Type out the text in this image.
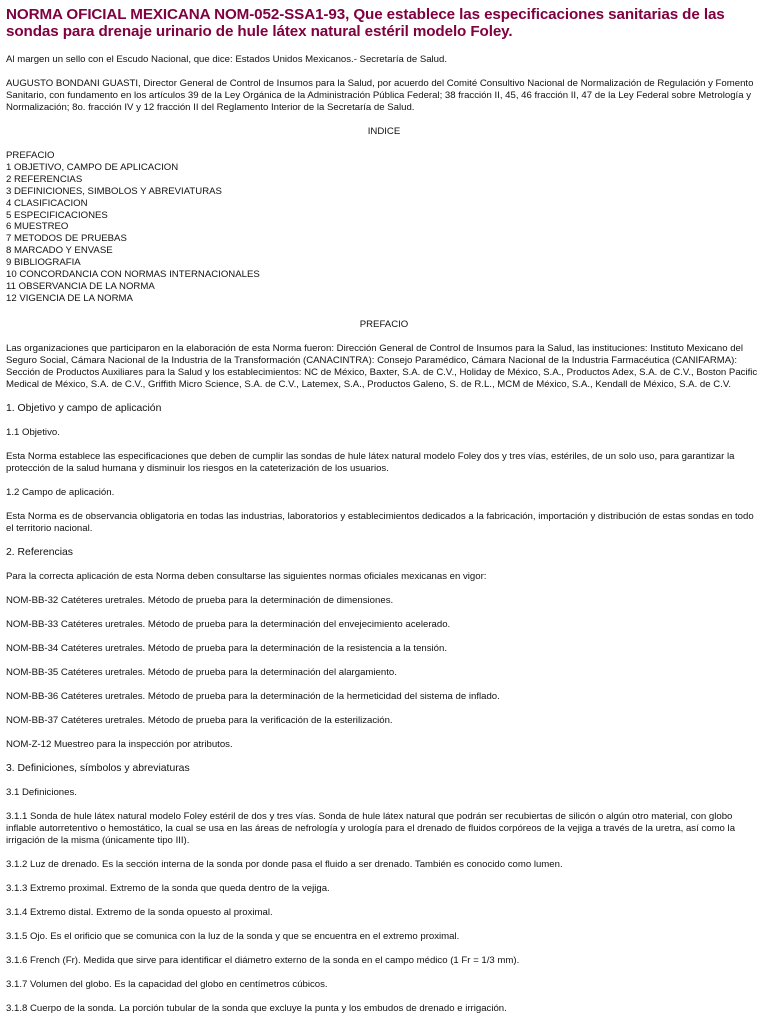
NORMA OFICIAL MEXICANA NOM-052-SSA1-93, Que establece las especificaciones sanitarias de las sondas para drenaje urinario de hule látex natural estéril modelo Foley.
Al margen un sello con el Escudo Nacional, que dice: Estados Unidos Mexicanos.- Secretaría de Salud.
AUGUSTO BONDANI GUASTI, Director General de Control de Insumos para la Salud, por acuerdo del Comité Consultivo Nacional de Normalización de Regulación y Fomento Sanitario, con fundamento en los artículos 39 de la Ley Orgánica de la Administración Pública Federal; 38 fracción II, 45, 46 fracción II, 47 de la Ley Federal sobre Metrología y Normalización; 8o. fracción IV y 12 fracción II del Reglamento Interior de la Secretaría de Salud.
INDICE
PREFACIO
1 OBJETIVO, CAMPO DE APLICACION
2 REFERENCIAS
3 DEFINICIONES, SIMBOLOS Y ABREVIATURAS
4 CLASIFICACION
5 ESPECIFICACIONES
6 MUESTREO
7 METODOS DE PRUEBAS
8 MARCADO Y ENVASE
9 BIBLIOGRAFIA
10 CONCORDANCIA CON NORMAS INTERNACIONALES
11 OBSERVANCIA DE LA NORMA
12 VIGENCIA DE LA NORMA
PREFACIO
Las organizaciones que participaron en la elaboración de esta Norma fueron: Dirección General de Control de Insumos para la Salud, las instituciones: Instituto Mexicano del Seguro Social, Cámara Nacional de la Industria de la Transformación (CANACINTRA): Consejo Paramédico, Cámara Nacional de la Industria Farmacéutica (CANIFARMA): Sección de Productos Auxiliares para la Salud y los establecimientos: NC de México, Baxter, S.A. de C.V., Holiday de México, S.A., Productos Adex, S.A. de C.V., Boston Pacific Medical de México, S.A. de C.V., Griffith Micro Science, S.A. de C.V., Latemex, S.A., Productos Galeno, S. de R.L., MCM de México, S.A., Kendall de México, S.A. de C.V.
1. Objetivo y campo de aplicación
1.1 Objetivo.
Esta Norma establece las especificaciones que deben de cumplir las sondas de hule látex natural modelo Foley dos y tres vías, estériles, de un solo uso, para garantizar la protección de la salud humana y disminuir los riesgos en la cateterización de los usuarios.
1.2 Campo de aplicación.
Esta Norma es de observancia obligatoria en todas las industrias, laboratorios y establecimientos dedicados a la fabricación, importación y distribución de estas sondas en todo el territorio nacional.
2. Referencias
Para la correcta aplicación de esta Norma deben consultarse las siguientes normas oficiales mexicanas en vigor:
NOM-BB-32 Catéteres uretrales. Método de prueba para la determinación de dimensiones.
NOM-BB-33 Catéteres uretrales. Método de prueba para la determinación del envejecimiento acelerado.
NOM-BB-34 Catéteres uretrales. Método de prueba para la determinación de la resistencia a la tensión.
NOM-BB-35 Catéteres uretrales. Método de prueba para la determinación del alargamiento.
NOM-BB-36 Catéteres uretrales. Método de prueba para la determinación de la hermeticidad del sistema de inflado.
NOM-BB-37 Catéteres uretrales. Método de prueba para la verificación de la esterilización.
NOM-Z-12 Muestreo para la inspección por atributos.
3. Definiciones, símbolos y abreviaturas
3.1 Definiciones.
3.1.1 Sonda de hule látex natural modelo Foley estéril de dos y tres vías. Sonda de hule látex natural que podrán ser recubiertas de silicón o algún otro material, con globo inflable autorretentivo o hemostático, la cual se usa en las áreas de nefrología y urología para el drenado de fluidos corpóreos de la vejiga a través de la uretra, así como la irrigación de la misma (únicamente tipo III).
3.1.2 Luz de drenado. Es la sección interna de la sonda por donde pasa el fluido a ser drenado. También es conocido como lumen.
3.1.3 Extremo proximal. Extremo de la sonda que queda dentro de la vejiga.
3.1.4 Extremo distal. Extremo de la sonda opuesto al proximal.
3.1.5 Ojo. Es el orificio que se comunica con la luz de la sonda y que se encuentra en el extremo proximal.
3.1.6 French (Fr). Medida que sirve para identificar el diámetro externo de la sonda en el campo médico (1 Fr = 1/3 mm).
3.1.7 Volumen del globo. Es la capacidad del globo en centímetros cúbicos.
3.1.8 Cuerpo de la sonda. La porción tubular de la sonda que excluye la punta y los embudos de drenado e irrigación.
